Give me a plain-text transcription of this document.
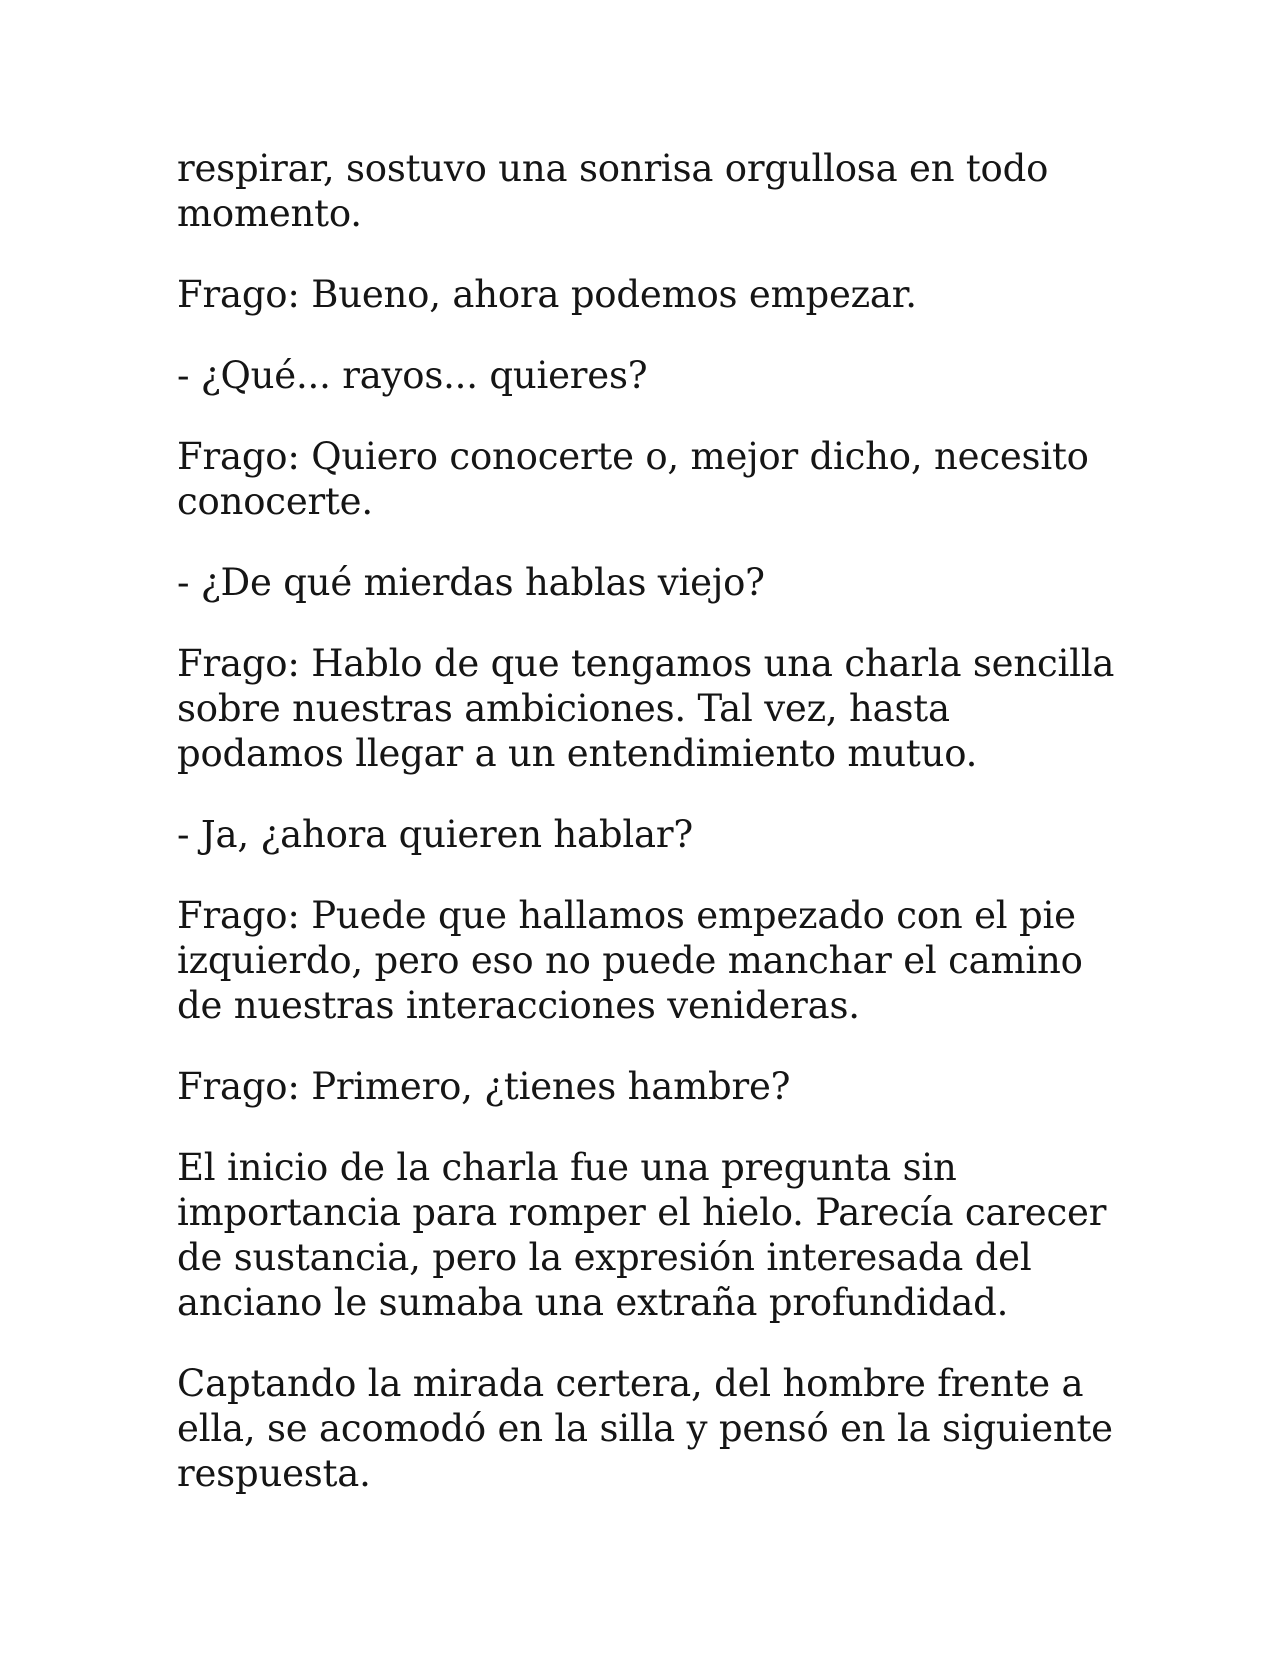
respirar, sostuvo una sonrisa orgullosa en todo momento.

Frago: Bueno, ahora podemos empezar.

- ¿Qué... rayos... quieres?

Frago: Quiero conocerte o, mejor dicho, necesito conocerte.

- ¿De qué mierdas hablas viejo?

Frago: Hablo de que tengamos una charla sencilla sobre nuestras ambiciones. Tal vez, hasta podamos llegar a un entendimiento mutuo.

- Ja, ¿ahora quieren hablar?

Frago: Puede que hallamos empezado con el pie izquierdo, pero eso no puede manchar el camino de nuestras interacciones venideras.

Frago: Primero, ¿tienes hambre?

El inicio de la charla fue una pregunta sin importancia para romper el hielo. Parecía carecer de sustancia, pero la expresión interesada del anciano le sumaba una extraña profundidad.

Captando la mirada certera, del hombre frente a ella, se acomodó en la silla y pensó en la siguiente respuesta.
